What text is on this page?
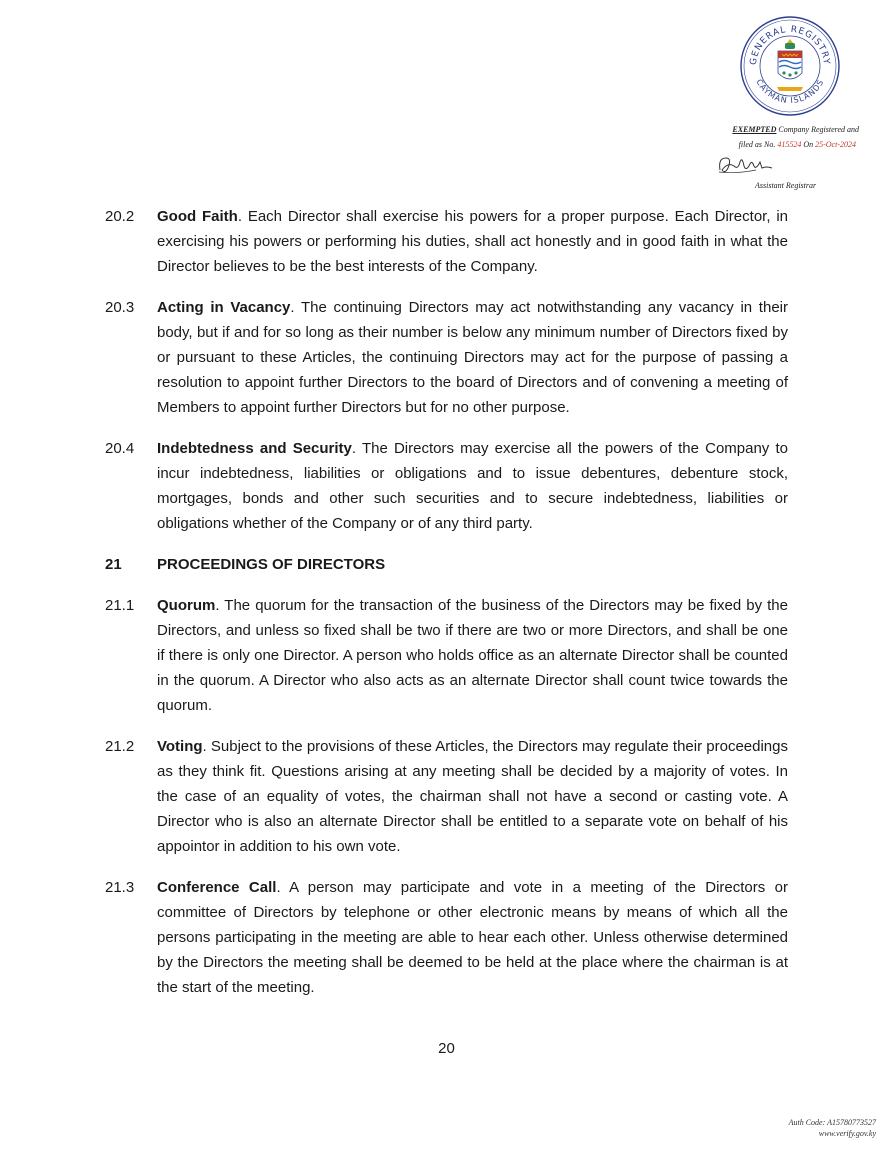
GENERAL REGISTRY
CAYMAN ISLANDS
EXEMPTED Company Registered and
filed as No. 415524 On 25-Oct-2024
Assistant Registrar
20.2 Good Faith. Each Director shall exercise his powers for a proper purpose. Each Director, in exercising his powers or performing his duties, shall act honestly and in good faith in what the Director believes to be the best interests of the Company.
20.3 Acting in Vacancy. The continuing Directors may act notwithstanding any vacancy in their body, but if and for so long as their number is below any minimum number of Directors fixed by or pursuant to these Articles, the continuing Directors may act for the purpose of passing a resolution to appoint further Directors to the board of Directors and of convening a meeting of Members to appoint further Directors but for no other purpose.
20.4 Indebtedness and Security. The Directors may exercise all the powers of the Company to incur indebtedness, liabilities or obligations and to issue debentures, debenture stock, mortgages, bonds and other such securities and to secure indebtedness, liabilities or obligations whether of the Company or of any third party.
21 PROCEEDINGS OF DIRECTORS
21.1 Quorum. The quorum for the transaction of the business of the Directors may be fixed by the Directors, and unless so fixed shall be two if there are two or more Directors, and shall be one if there is only one Director. A person who holds office as an alternate Director shall be counted in the quorum. A Director who also acts as an alternate Director shall count twice towards the quorum.
21.2 Voting. Subject to the provisions of these Articles, the Directors may regulate their proceedings as they think fit. Questions arising at any meeting shall be decided by a majority of votes. In the case of an equality of votes, the chairman shall not have a second or casting vote. A Director who is also an alternate Director shall be entitled to a separate vote on behalf of his appointor in addition to his own vote.
21.3 Conference Call. A person may participate and vote in a meeting of the Directors or committee of Directors by telephone or other electronic means by means of which all the persons participating in the meeting are able to hear each other. Unless otherwise determined by the Directors the meeting shall be deemed to be held at the place where the chairman is at the start of the meeting.
20
Auth Code: A15780773527
www.verify.gov.ky
